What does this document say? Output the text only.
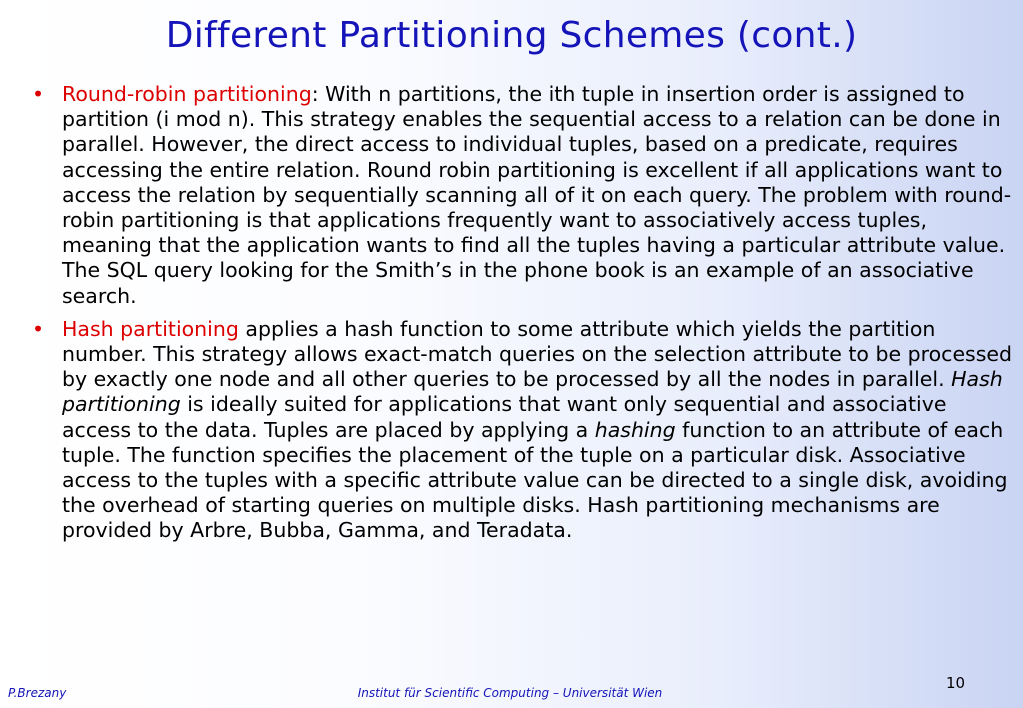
Different Partitioning Schemes (cont.)
• Round-robin partitioning: With n partitions, the ith tuple in insertion order is assigned to partition (i mod n). This strategy enables the sequential access to a relation can be done in parallel. However, the direct access to individual tuples, based on a predicate, requires accessing the entire relation. Round robin partitioning is excellent if all applications want to access the relation by sequentially scanning all of it on each query. The problem with round-robin partitioning is that applications frequently want to associatively access tuples, meaning that the application wants to find all the tuples having a particular attribute value. The SQL query looking for the Smith’s in the phone book is an example of an associative search.
• Hash partitioning applies a hash function to some attribute which yields the partition number. This strategy allows exact-match queries on the selection attribute to be processed by exactly one node and all other queries to be processed by all the nodes in parallel. Hash partitioning is ideally suited for applications that want only sequential and associative access to the data. Tuples are placed by applying a hashing function to an attribute of each tuple. The function specifies the placement of the tuple on a particular disk. Associative access to the tuples with a specific attribute value can be directed to a single disk, avoiding the overhead of starting queries on multiple disks. Hash partitioning mechanisms are provided by Arbre, Bubba, Gamma, and Teradata.
P.Brezany	Institut für Scientific Computing – Universität Wien
10
